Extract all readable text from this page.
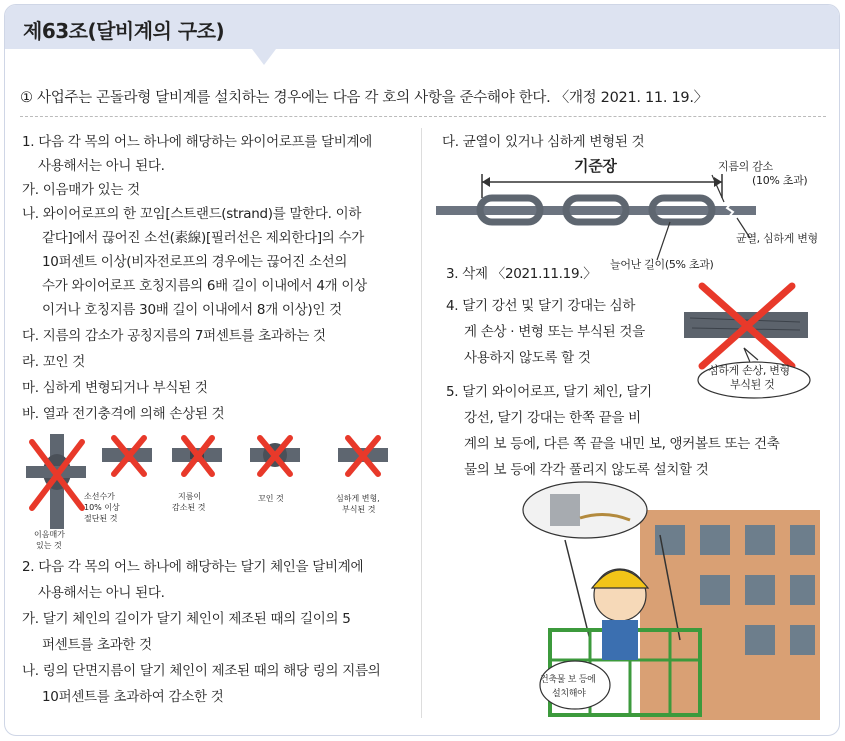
제63조(달비계의 구조)
① 사업주는 곤돌라형 달비계를 설치하는 경우에는 다음 각 호의 사항을 준수해야 한다. 〈개정 2021. 11. 19.〉
1. 다음 각 목의 어느 하나에 해당하는 와이어로프를 달비계에
사용해서는 아니 된다.
가. 이음매가 있는 것
나. 와이어로프의 한 꼬임[스트랜드(strand)를 말한다. 이하
같다]에서 끊어진 소선(素線)[필러선은 제외한다]의 수가
10퍼센트 이상(비자전로프의 경우에는 끊어진 소선의
수가 와이어로프 호칭지름의 6배 길이 이내에서 4개 이상
이거나 호칭지름 30배 길이 이내에서 8개 이상)인 것
다. 지름의 감소가 공칭지름의 7퍼센트를 초과하는 것
라. 꼬인 것
마. 심하게 변형되거나 부식된 것
바. 열과 전기충격에 의해 손상된 것
소선수가
10% 이상
절단된 것
지름이
감소된 것
꼬인 것	심하게 변형,
부식된 것
이음매가
있는 것
2. 다음 각 목의 어느 하나에 해당하는 달기 체인을 달비계에
사용해서는 아니 된다.
가. 달기 체인의 길이가 달기 체인이 제조된 때의 길이의 5
퍼센트를 초과한 것
나. 링의 단면지름이 달기 체인이 제조된 때의 해당 링의 지름의
10퍼센트를 초과하여 감소한 것
다. 균열이 있거나 심하게 변형된 것
기준장	지름의 감소
(10% 초과)
균열, 심하게 변형
늘어난 길이(5% 초과)
3. 삭제 〈2021.11.19.〉
4. 달기 강선 및 달기 강대는 심하
게 손상 · 변형 또는 부식된 것을
사용하지 않도록 할 것
심하게 손상, 변형
부식된 것
5. 달기 와이어로프, 달기 체인, 달기
강선, 달기 강대는 한쪽 끝을 비
계의 보 등에, 다른 쪽 끝을 내민 보, 앵커볼트 또는 건축
물의 보 등에 각각 풀리지 않도록 설치할 것
건축물 보 등에
설치해야
